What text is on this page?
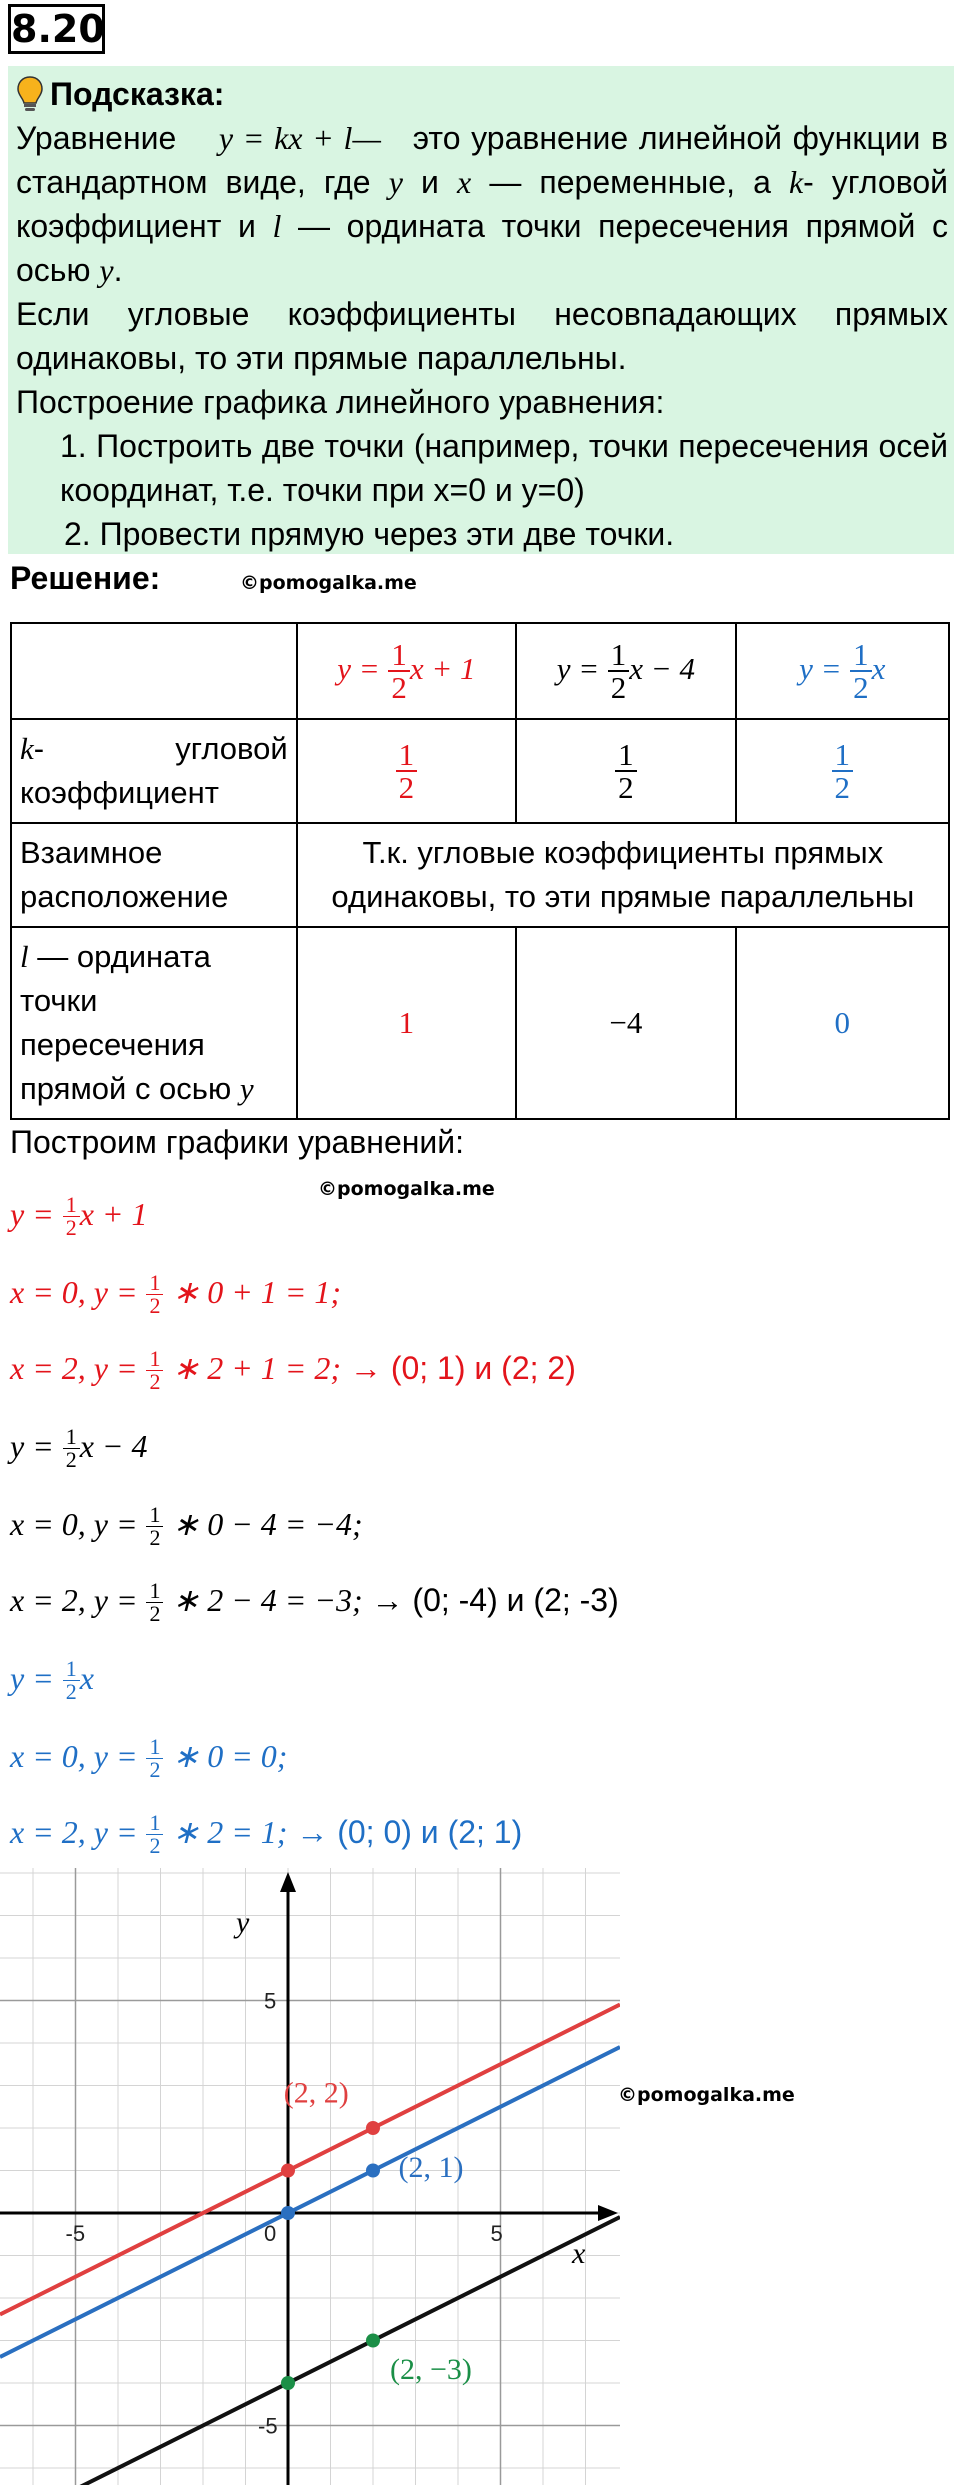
8.20

Подсказка:

Уравнение y = kx + l— это уравнение линейной функции в стандартном виде, где y и x — переменные, а k- угловой коэффициент и l — ордината точки пересечения прямой с осью y.

Если угловые коэффициенты несовпадающих прямых одинаковы, то эти прямые параллельны.

Построение графика линейного уравнения:

1. Построить две точки (например, точки пересечения осей координат, т.е. точки при х=0 и у=0)

2. Провести прямую через эти две точки.

Решение:	©pomogalka.me
	$y = \frac{1}{2}$ x + 1	$y = \frac{1}{2}$ x − 4	$y = \frac{1}{2}$ x
k- угловой коэффициент	$\frac{1}{2}$	$\frac{1}{2}$	$\frac{1}{2}$

Взаимное расположение	Т.к. угловые коэффициенты прямых одинаковы, то эти прямые параллельны		
l — ордината точки пересечения прямой с осью y	1	−4	0
Построим графики уравнений:
©pomogalka.me
$y = \frac{1}{2}$ x + 1
x = 0, $y = \frac{1}{2}$ ∗ 0 + 1 = 1;
x = 2, $y = \frac{1}{2}$ ∗ 2 + 1 = 2; → (0; 1) и (2; 2)
$y = \frac{1}{2}$ x − 4
x = 0, $y = \frac{1}{2}$ ∗ 0 − 4 = −4;
x = 2, $y = \frac{1}{2}$ ∗ 2 − 4 = −3; → (0; -4) и (2; -3)
$y = \frac{1}{2}$ x
x = 0, $y = \frac{1}{2}$ ∗ 0 = 0;
x = 2, $y = \frac{1}{2}$ ∗ 2 = 1; → (0; 0) и (2; 1)
x
y
-5	0	5
5
-5
(2, 2)
(2, 1)
(2, −3)
©pomogalka.me
